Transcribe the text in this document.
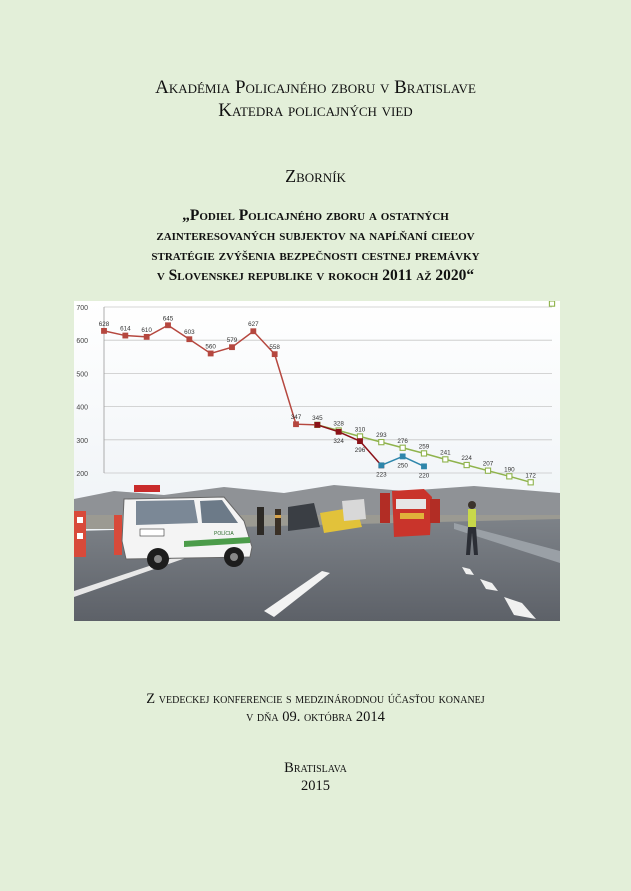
Akadémia Policajného zboru v Bratislave
Katedra policajných vied
Zborník
„Podiel Policajného zboru a ostatných
zainteresovaných subjektov na napĺňaní cieľov
stratégie zvýšenia bezpečnosti cestnej premávky
v Slovenskej republike v rokoch 2011 až 2020“
POLÍCIA
200
300
400
500
600
700
628
614 610
645
603
560
579
627
558
347 345
328
310
293
276
259
241
224
207
190
172
324
296
223
250
220
Z vedeckej konferencie s medzinárodnou účasťou konanej
v dňa 09. októbra 2014
Bratislava
2015
